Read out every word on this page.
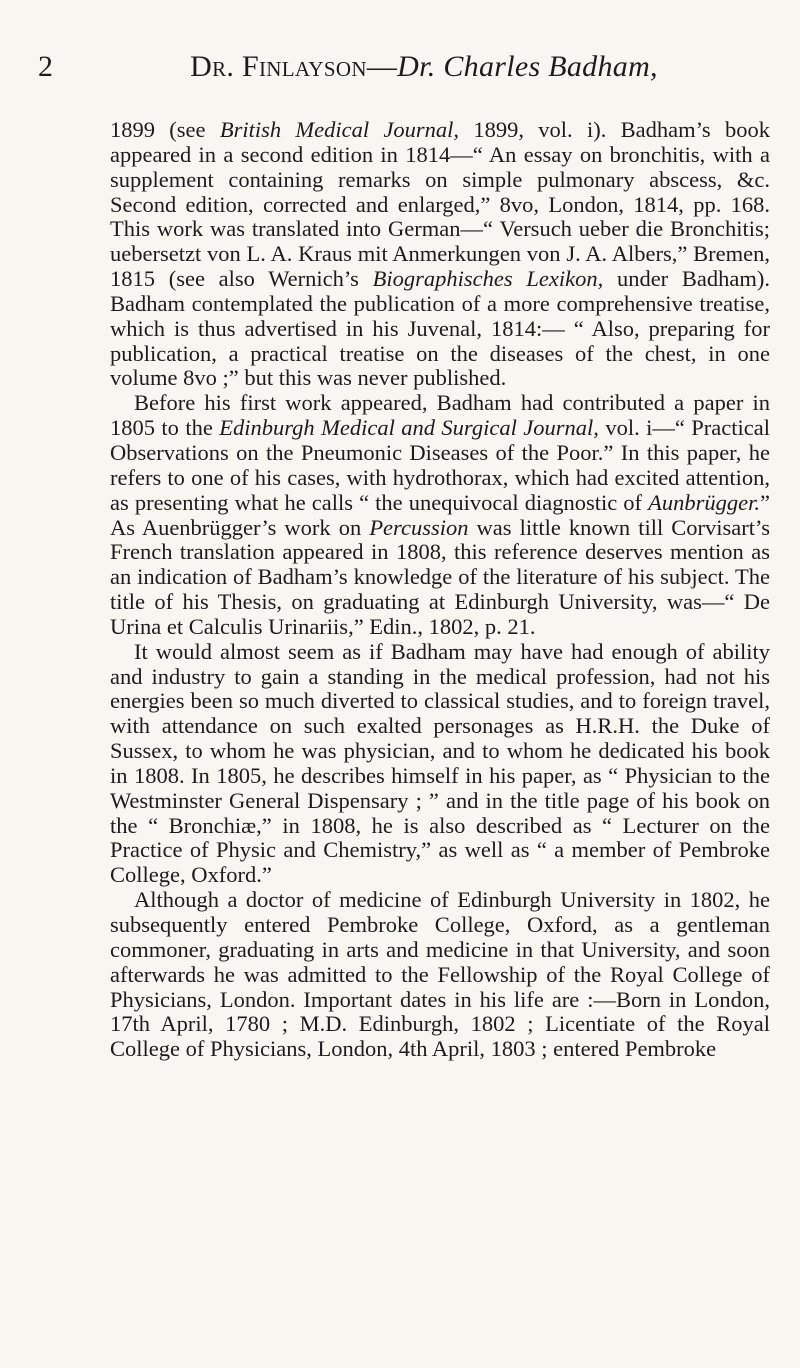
2	Dr. Finlayson—Dr. Charles Badham,

1899 (see British Medical Journal, 1899, vol. i). Badham’s book appeared in a second edition in 1814—“ An essay on bronchitis, with a supplement containing remarks on simple pulmonary abscess, &c. Second edition, corrected and enlarged,” 8vo, London, 1814, pp. 168. This work was translated into German—“ Versuch ueber die Bronchitis; uebersetzt von L. A. Kraus mit Anmerkungen von J. A. Albers,” Bremen, 1815 (see also Wernich’s Biographisches Lexikon, under Badham). Badham contemplated the publication of a more comprehensive treatise, which is thus advertised in his Juvenal, 1814:— “ Also, preparing for publication, a practical treatise on the diseases of the chest, in one volume 8vo ;” but this was never published.

Before his first work appeared, Badham had contributed a paper in 1805 to the Edinburgh Medical and Surgical Journal, vol. i—“ Practical Observations on the Pneumonic Diseases of the Poor.” In this paper, he refers to one of his cases, with hydrothorax, which had excited attention, as presenting what he calls “ the unequivocal diagnostic of Aunbrügger.” As Auenbrügger’s work on Percussion was little known till Corvisart’s French translation appeared in 1808, this reference deserves mention as an indication of Badham’s knowledge of the literature of his subject. The title of his Thesis, on graduating at Edinburgh University, was—“ De Urina et Calculis Urinariis,” Edin., 1802, p. 21.

It would almost seem as if Badham may have had enough of ability and industry to gain a standing in the medical profession, had not his energies been so much diverted to classical studies, and to foreign travel, with attendance on such exalted personages as H.R.H. the Duke of Sussex, to whom he was physician, and to whom he dedicated his book in 1808. In 1805, he describes himself in his paper, as “ Physician to the Westminster General Dispensary ; ” and in the title page of his book on the “ Bronchiæ,” in 1808, he is also described as “ Lecturer on the Practice of Physic and Chemistry,” as well as “ a member of Pembroke College, Oxford.”

Although a doctor of medicine of Edinburgh University in 1802, he subsequently entered Pembroke College, Oxford, as a gentleman commoner, graduating in arts and medicine in that University, and soon afterwards he was admitted to the Fellowship of the Royal College of Physicians, London. Important dates in his life are :—Born in London, 17th April, 1780 ; M.D. Edinburgh, 1802 ; Licentiate of the Royal College of Physicians, London, 4th April, 1803 ; entered Pembroke
